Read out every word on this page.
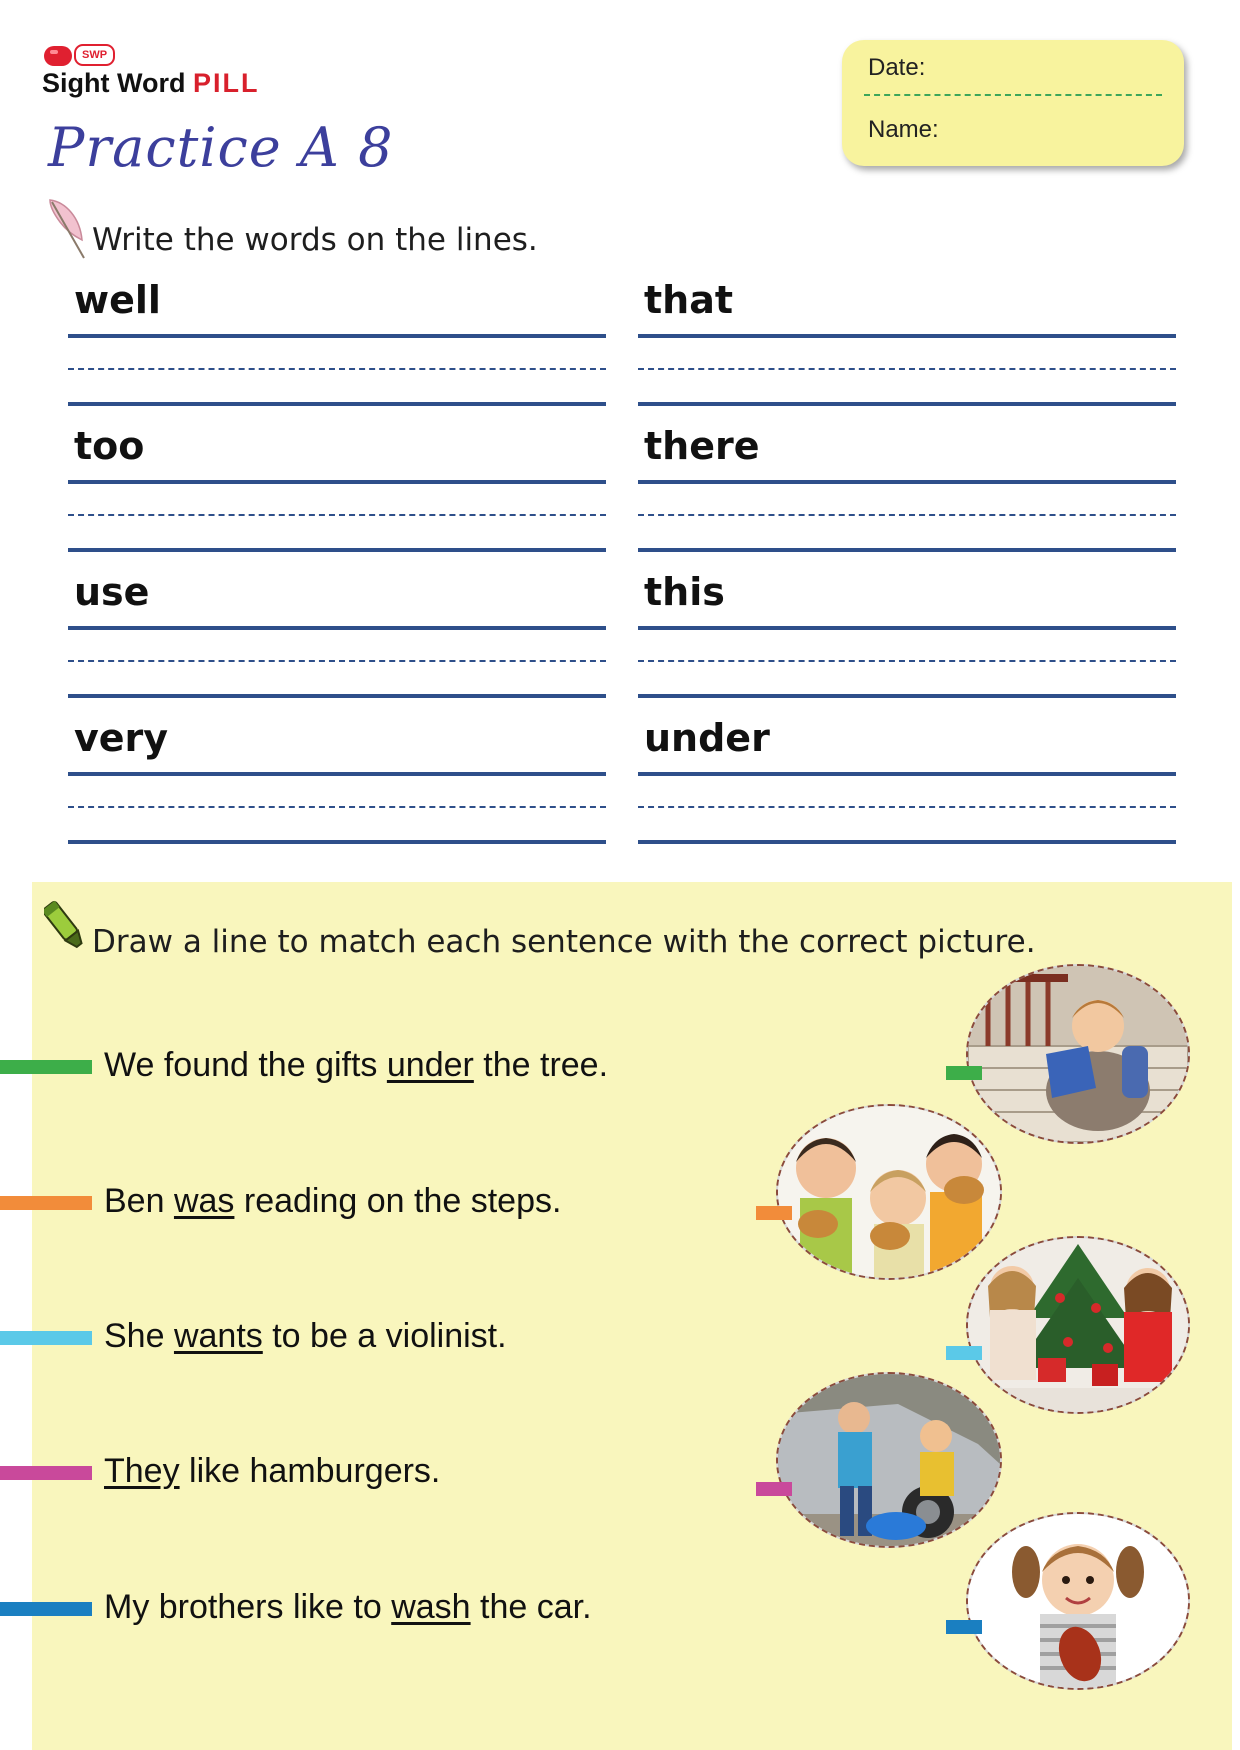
SWP
Sight Word PILL
Practice A 8
Date:
Name:
Write the words on the lines.
well	that
too	there
use	this
very	under
Draw a line to match each sentence with the correct picture.
We found the gifts under the tree.
Ben was reading on the steps.
She wants to be a violinist.
They like hamburgers.
My brothers like to wash the car.
